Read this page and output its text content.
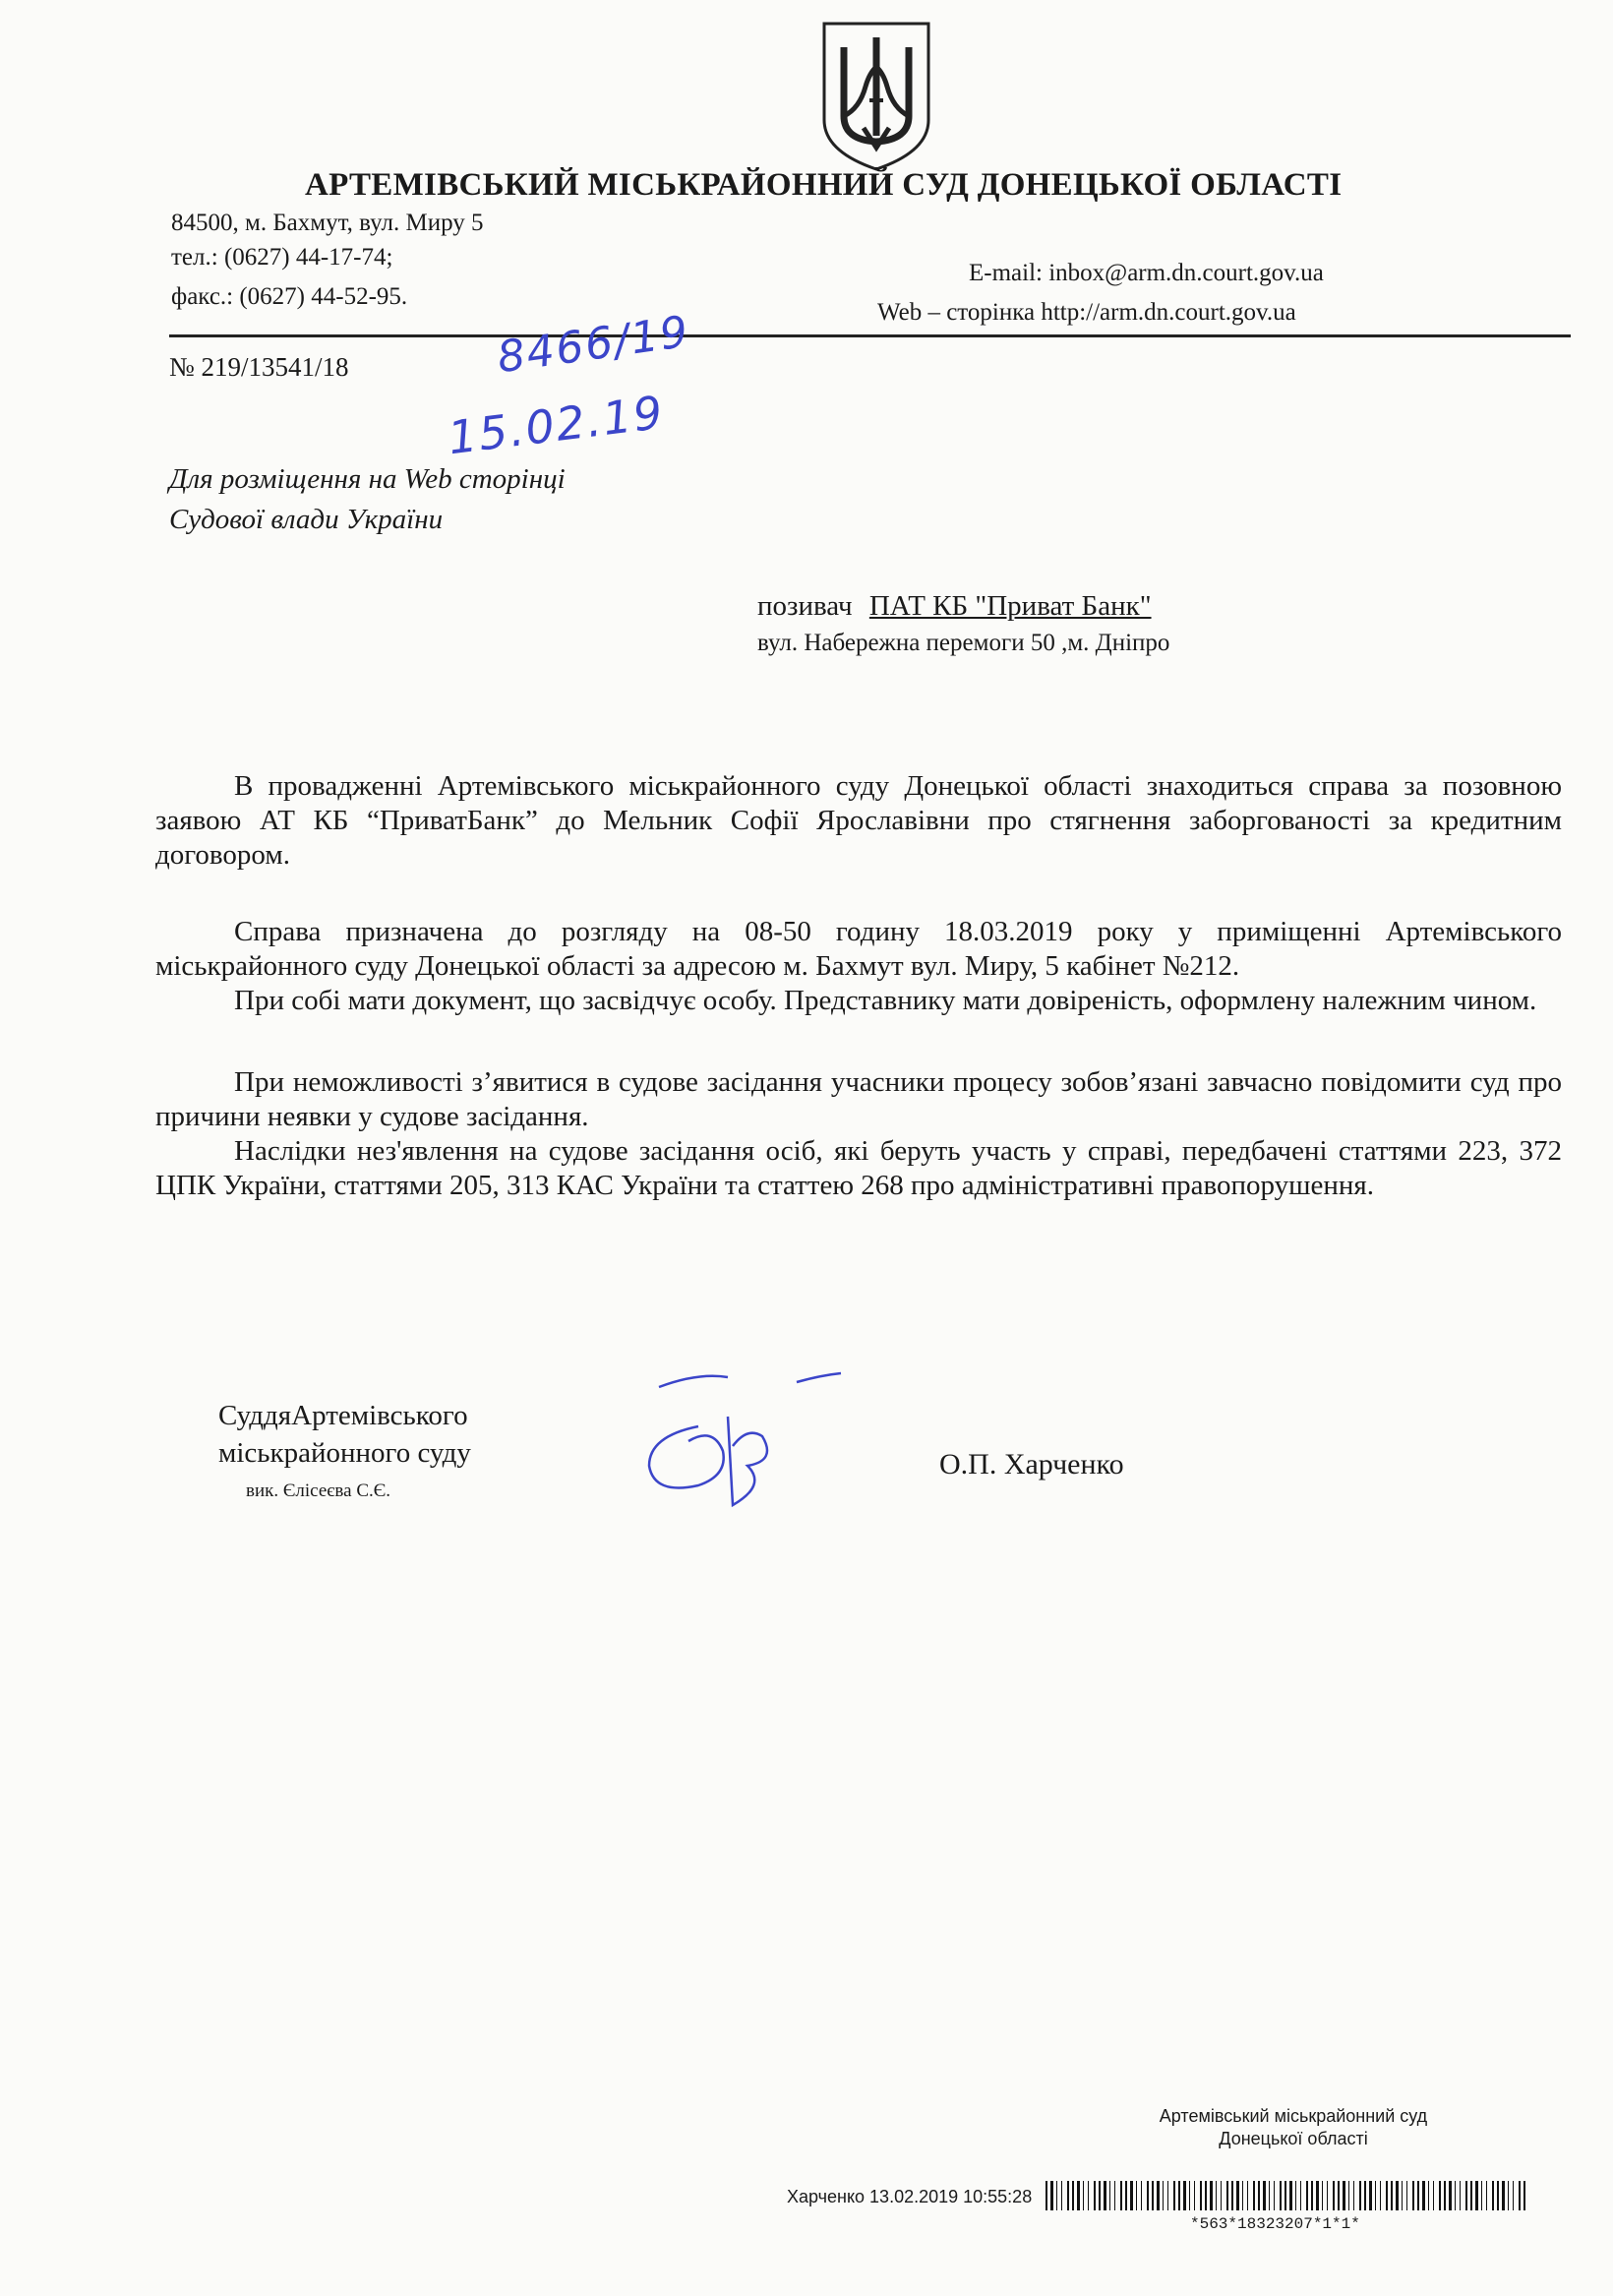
АРТЕМІВСЬКИЙ МІСЬКРАЙОННИЙ СУД ДОНЕЦЬКОЇ ОБЛАСТІ
84500, м. Бахмут, вул. Миру 5
тел.: (0627) 44-17-74;
факс.: (0627) 44-52-95.
E-mail: inbox@arm.dn.court.gov.ua
Web – сторінка http://arm.dn.court.gov.ua
№ 219/13541/18	8466/19
15.02.19
Для розміщення на Web сторінці
Судової влади України
позивач ПАТ КБ "Приват Банк"
вул. Набережна перемоги 50 ,м. Дніпро
В провадженні Артемівського міськрайонного суду Донецької області знаходиться справа за позовною заявою АТ КБ “ПриватБанк” до Мельник Софії Ярославівни про стягнення заборгованості за кредитним договором.
Справа призначена до розгляду на 08-50 годину 18.03.2019 року у приміщенні Артемівського міськрайонного суду Донецької області за адресою м. Бахмут вул. Миру, 5 кабінет №212.
При собі мати документ, що засвідчує особу. Представнику мати довіреність, оформлену належним чином.
При неможливості з’явитися в судове засідання учасники процесу зобов’язані завчасно повідомити суд про причини неявки у судове засідання.
Наслідки нез'явлення на судове засідання осіб, які беруть участь у справі, передбачені статтями 223, 372 ЦПК України, статтями 205, 313 КАС України та статтею 268 про адміністративні правопорушення.
СуддяАртемівського
міськрайонного суду
вик. Єлісеєва С.Є.
О.П. Харченко
Артемівський міськрайонний суд
Донецької області
Харченко 13.02.2019 10:55:28
*563*18323207*1*1*
